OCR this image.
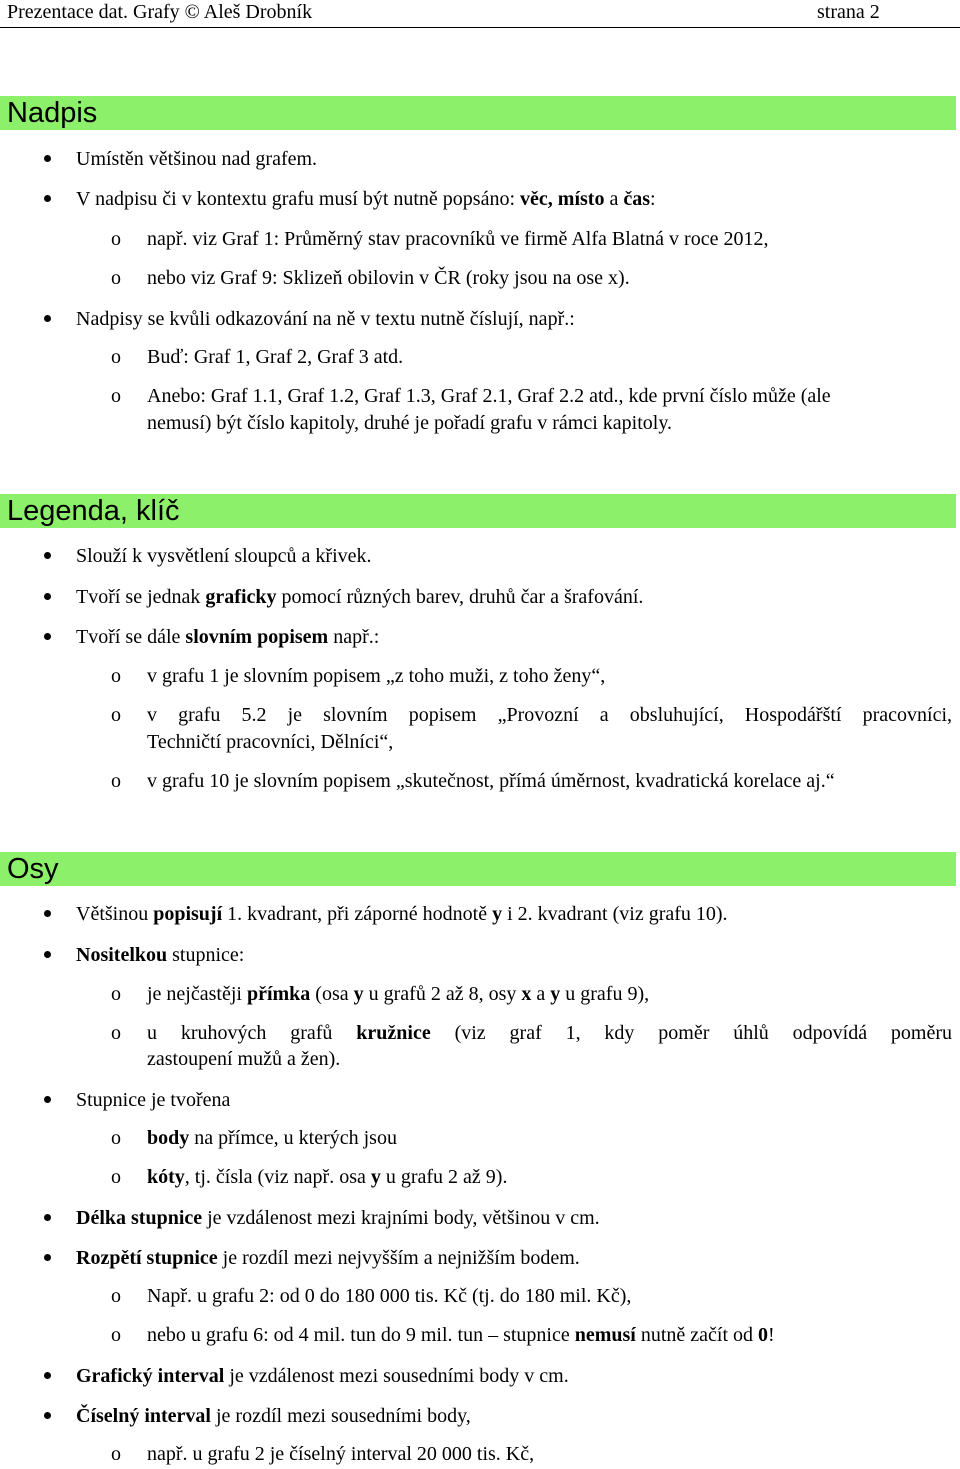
Prezentace dat. Grafy © Aleš Drobník	strana 2
Nadpis
Umístěn většinou nad grafem.
V nadpisu či v kontextu grafu musí být nutně popsáno: věc, místo a čas:
o např. viz Graf 1: Průměrný stav pracovníků ve firmě Alfa Blatná v roce 2012,
o nebo viz Graf 9: Sklizeň obilovin v ČR (roky jsou na ose x).
Nadpisy se kvůli odkazování na ně v textu nutně číslují, např.:
o Buď: Graf 1, Graf 2, Graf 3 atd.
o Anebo: Graf 1.1, Graf 1.2, Graf 1.3, Graf 2.1, Graf 2.2 atd., kde první číslo může (ale
nemusí) být číslo kapitoly, druhé je pořadí grafu v rámci kapitoly.
Legenda, klíč
Slouží k vysvětlení sloupců a křivek.
Tvoří se jednak graficky pomocí různých barev, druhů čar a šrafování.
Tvoří se dále slovním popisem např.:
o v grafu 1 je slovním popisem „z toho muži, z toho ženy“,
o v grafu 5.2 je slovním popisem „Provozní a obsluhující, Hospodářští pracovníci,
Techničtí pracovníci, Dělníci“,
o v grafu 10 je slovním popisem „skutečnost, přímá úměrnost, kvadratická korelace aj.“
Osy
Většinou popisují 1. kvadrant, při záporné hodnotě y i 2. kvadrant (viz grafu 10).
Nositelkou stupnice:
o je nejčastěji přímka (osa y u grafů 2 až 8, osy x a y u grafu 9),
o u kruhových grafů kružnice (viz graf 1, kdy poměr úhlů odpovídá poměru
zastoupení mužů a žen).
Stupnice je tvořena
o body na přímce, u kterých jsou
o kóty, tj. čísla (viz např. osa y u grafu 2 až 9).
Délka stupnice je vzdálenost mezi krajními body, většinou v cm.
Rozpětí stupnice je rozdíl mezi nejvyšším a nejnižším bodem.
o Např. u grafu 2: od 0 do 180 000 tis. Kč (tj. do 180 mil. Kč),
o nebo u grafu 6: od 4 mil. tun do 9 mil. tun – stupnice nemusí nutně začít od 0!
Grafický interval je vzdálenost mezi sousedními body v cm.
Číselný interval je rozdíl mezi sousedními body,
o např. u grafu 2 je číselný interval 20 000 tis. Kč,
